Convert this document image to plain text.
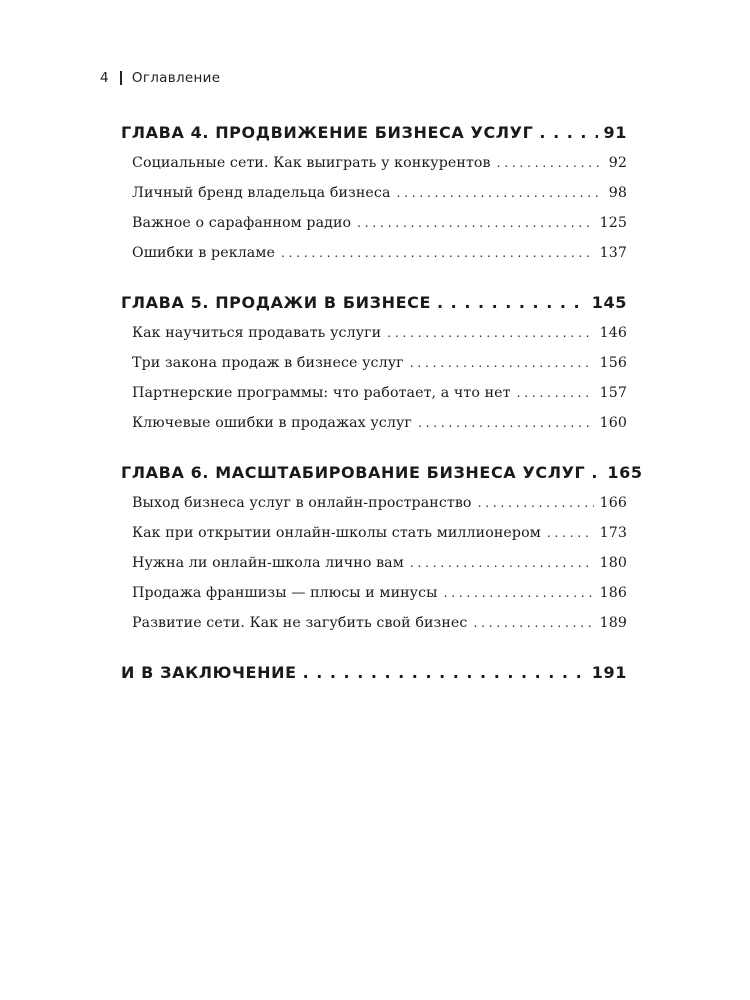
4 Оглавление
ГЛАВА 4. ПРОДВИЖЕНИЕ БИЗНЕСА УСЛУГ . . .	91
Социальные сети. Как выиграть у конкурентов . . .	92
Личный бренд владельца бизнеса . . .	98
Важное о сарафанном радио . . .	125
Ошибки в рекламе . . .	137
ГЛАВА 5. ПРОДАЖИ В БИЗНЕСЕ . . .	145
Как научиться продавать услуги . . .	146
Три закона продаж в бизнесе услуг . . .	156
Партнерские программы: что работает, а что нет . . .	157
Ключевые ошибки в продажах услуг . . .	160
ГЛАВА 6. МАСШТАБИРОВАНИЕ БИЗНЕСА УСЛУГ . . . 165
Выход бизнеса услуг в онлайн-пространство . . .	166
Как при открытии онлайн-школы стать миллионером . . .	173
Нужна ли онлайн-школа лично вам . . .	180
Продажа франшизы — плюсы и минусы . . .	186
Развитие сети. Как не загубить свой бизнес . . .	189
И В ЗАКЛЮЧЕНИЕ . . .	191
